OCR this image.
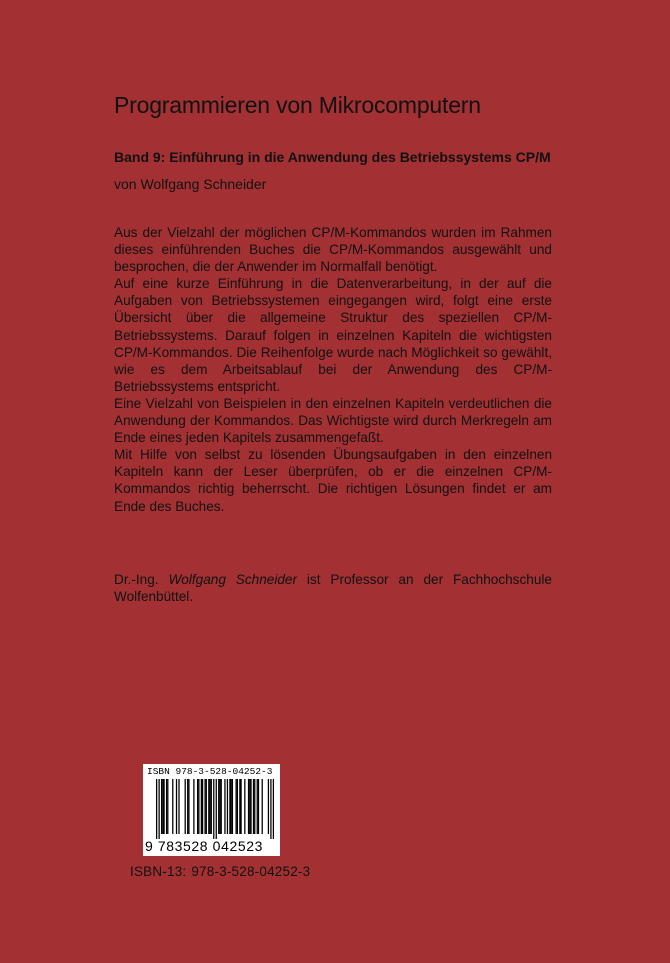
Programmieren von Mikrocomputern
Band 9: Einführung in die Anwendung des Betriebssystems CP/M

von Wolfgang Schneider

Aus der Vielzahl der möglichen CP/M-Kommandos wurden im Rahmen dieses einführenden Buches die CP/M-Kommandos ausgewählt und besprochen, die der Anwender im Normalfall benötigt.

Auf eine kurze Einführung in die Datenverarbeitung, in der auf die Aufgaben von Betriebssystemen eingegangen wird, folgt eine erste Übersicht über die allgemeine Struktur des speziellen CP/M-Betriebssystems. Darauf folgen in einzelnen Kapiteln die wichtigsten CP/M-Kommandos. Die Reihenfolge wurde nach Möglichkeit so gewählt, wie es dem Arbeitsablauf bei der Anwendung des CP/M-Betriebssystems entspricht.

Eine Vielzahl von Beispielen in den einzelnen Kapiteln verdeutlichen die Anwendung der Kommandos. Das Wichtigste wird durch Merkregeln am Ende eines jeden Kapitels zusammengefaßt.

Mit Hilfe von selbst zu lösenden Übungsaufgaben in den einzelnen Kapiteln kann der Leser überprüfen, ob er die einzelnen CP/M-Kommandos richtig beherrscht. Die richtigen Lösungen findet er am Ende des Buches.

Dr.-Ing. Wolfgang Schneider ist Professor an der Fachhochschule Wolfenbüttel.

ISBN 978-3-528-04252-3
9 783528 042523
ISBN-13: 978-3-528-04252-3
